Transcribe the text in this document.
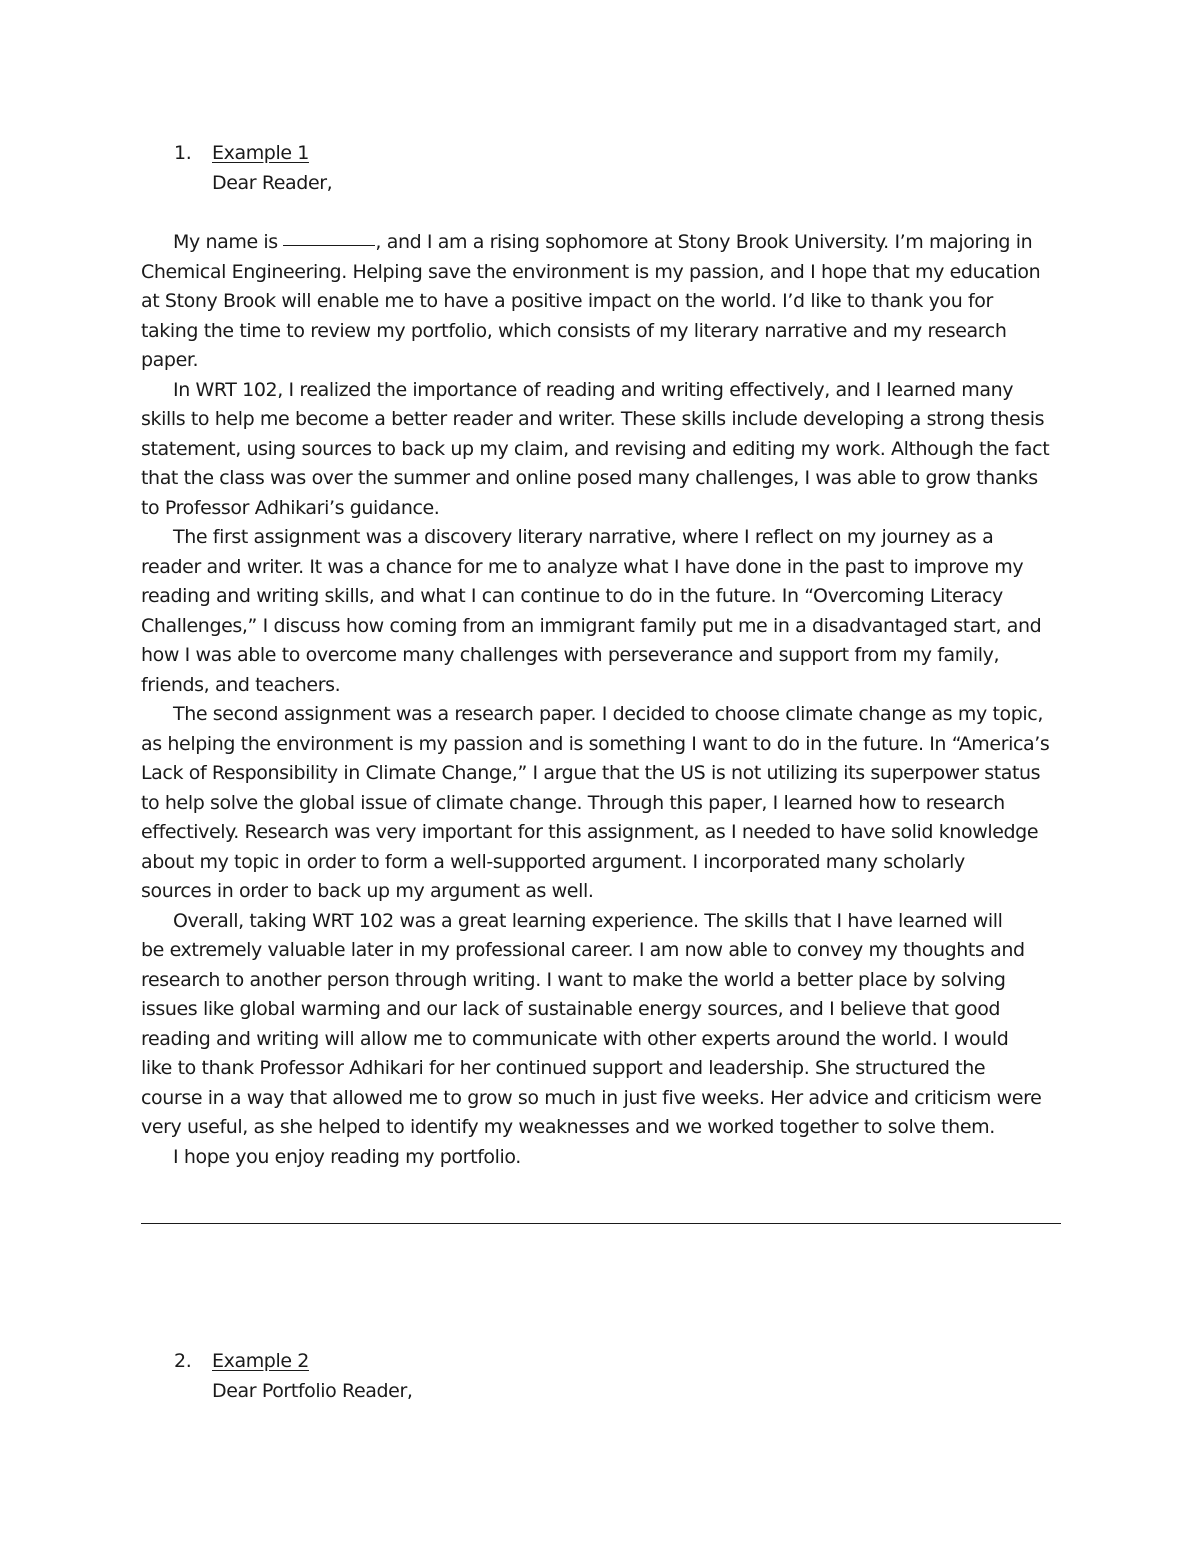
1. Example 1
Dear Reader,
My name is	, and I am a rising sophomore at Stony Brook University. I’m majoring in
Chemical Engineering. Helping save the environment is my passion, and I hope that my education
at Stony Brook will enable me to have a positive impact on the world. I’d like to thank you for
taking the time to review my portfolio, which consists of my literary narrative and my research
paper.
In WRT 102, I realized the importance of reading and writing effectively, and I learned many
skills to help me become a better reader and writer. These skills include developing a strong thesis
statement, using sources to back up my claim, and revising and editing my work. Although the fact
that the class was over the summer and online posed many challenges, I was able to grow thanks
to Professor Adhikari’s guidance.
The first assignment was a discovery literary narrative, where I reflect on my journey as a
reader and writer. It was a chance for me to analyze what I have done in the past to improve my
reading and writing skills, and what I can continue to do in the future. In “Overcoming Literacy
Challenges,” I discuss how coming from an immigrant family put me in a disadvantaged start, and
how I was able to overcome many challenges with perseverance and support from my family,
friends, and teachers.
The second assignment was a research paper. I decided to choose climate change as my topic,
as helping the environment is my passion and is something I want to do in the future. In “America’s
Lack of Responsibility in Climate Change,” I argue that the US is not utilizing its superpower status
to help solve the global issue of climate change. Through this paper, I learned how to research
effectively. Research was very important for this assignment, as I needed to have solid knowledge
about my topic in order to form a well-supported argument. I incorporated many scholarly
sources in order to back up my argument as well.
Overall, taking WRT 102 was a great learning experience. The skills that I have learned will
be extremely valuable later in my professional career. I am now able to convey my thoughts and
research to another person through writing. I want to make the world a better place by solving
issues like global warming and our lack of sustainable energy sources, and I believe that good
reading and writing will allow me to communicate with other experts around the world. I would
like to thank Professor Adhikari for her continued support and leadership. She structured the
course in a way that allowed me to grow so much in just five weeks. Her advice and criticism were
very useful, as she helped to identify my weaknesses and we worked together to solve them.
I hope you enjoy reading my portfolio.
2. Example 2
Dear Portfolio Reader,
